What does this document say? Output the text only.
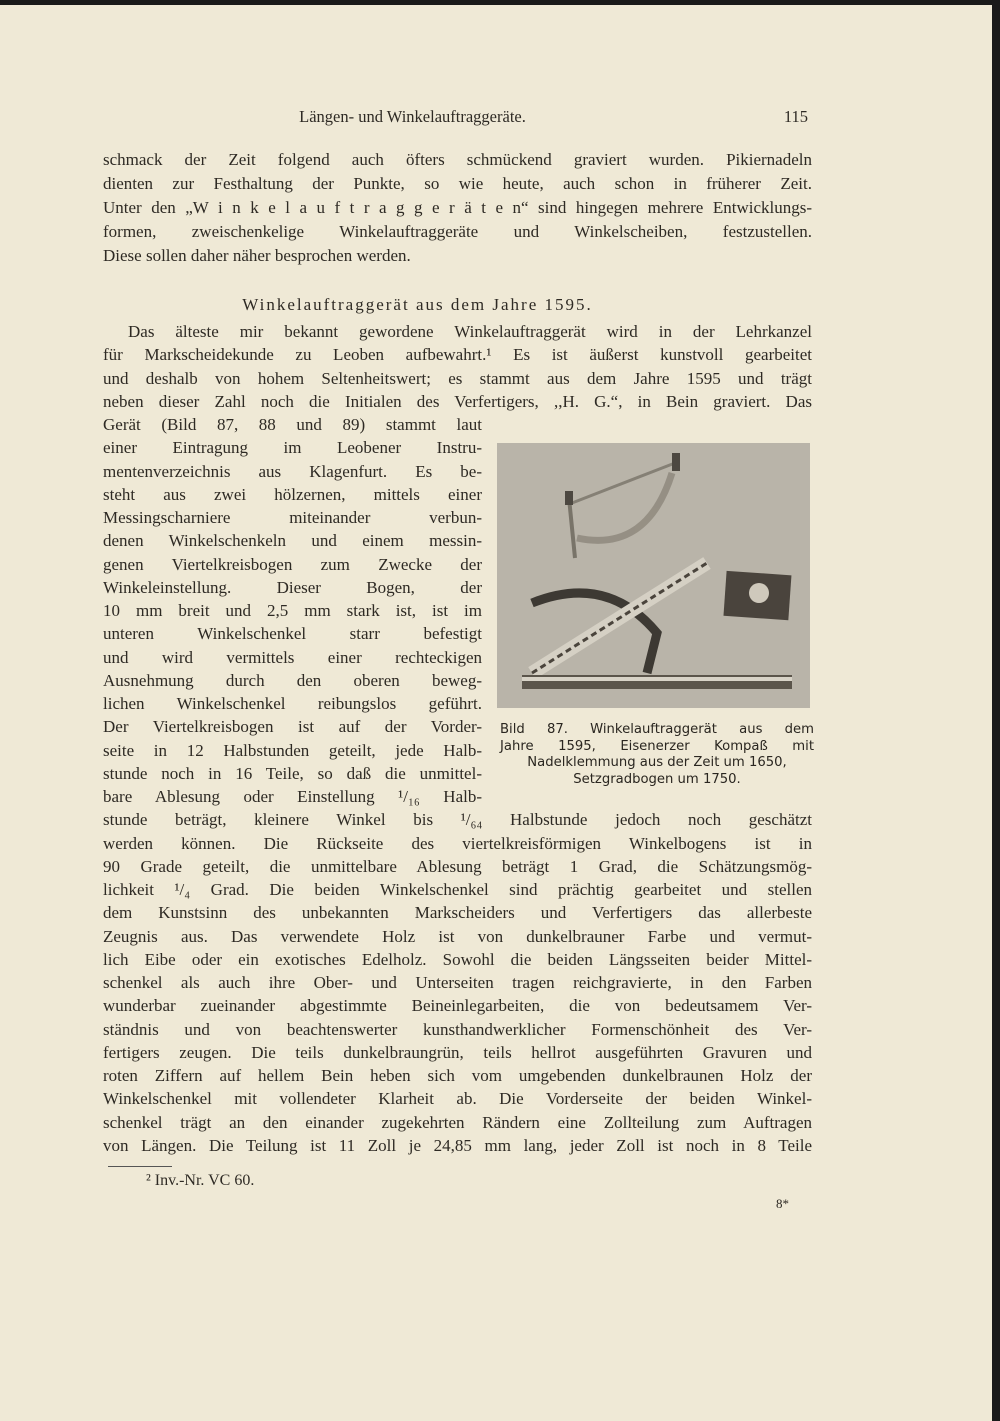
Längen- und Winkelauftraggeräte.	115
schmack der Zeit folgend auch öfters schmückend graviert wurden. Pikiernadeln
dienten zur Festhaltung der Punkte, so wie heute, auch schon in früherer Zeit.
Unter den „W i n k e l a u f t r a g g e r ä t e n“ sind hingegen mehrere Entwicklungs-
formen, zweischenkelige Winkelauftraggeräte und Winkelscheiben, festzustellen.
Diese sollen daher näher besprochen werden.
Winkelauftraggerät aus dem Jahre 1595.
Das älteste mir bekannt gewordene Winkelauftraggerät wird in der Lehrkanzel
für Markscheidekunde zu Leoben aufbewahrt.¹ Es ist äußerst kunstvoll gearbeitet
und deshalb von hohem Seltenheitswert; es stammt aus dem Jahre 1595 und trägt
neben dieser Zahl noch die Initialen des Verfertigers, ,,H. G.“, in Bein graviert. Das
Gerät (Bild 87, 88 und 89) stammt laut
einer Eintragung im Leobener Instru-
mentenverzeichnis aus Klagenfurt. Es be-
steht aus zwei hölzernen, mittels einer
Messingscharniere miteinander verbun-
denen Winkelschenkeln und einem messin-
genen Viertelkreisbogen zum Zwecke der
Winkeleinstellung. Dieser Bogen, der
10 mm breit und 2,5 mm stark ist, ist im
unteren Winkelschenkel starr befestigt
und wird vermittels einer rechteckigen
Ausnehmung durch den oberen beweg-
lichen Winkelschenkel reibungslos geführt.
Der Viertelkreisbogen ist auf der Vorder-
seite in 12 Halbstunden geteilt, jede Halb-
stunde noch in 16 Teile, so daß die unmittel-
bare Ablesung oder Einstellung ¹/₁₆ Halb-
stunde beträgt, kleinere Winkel bis ¹/₆₄ Halbstunde jedoch noch geschätzt
werden können. Die Rückseite des viertelkreisförmigen Winkelbogens ist in
90 Grade geteilt, die unmittelbare Ablesung beträgt 1 Grad, die Schätzungsmög-
lichkeit ¹/₄ Grad. Die beiden Winkelschenkel sind prächtig gearbeitet und stellen
dem Kunstsinn des unbekannten Markscheiders und Verfertigers das allerbeste
Zeugnis aus. Das verwendete Holz ist von dunkelbrauner Farbe und vermut-
lich Eibe oder ein exotisches Edelholz. Sowohl die beiden Längsseiten beider Mittel-
schenkel als auch ihre Ober- und Unterseiten tragen reichgravierte, in den Farben
wunderbar zueinander abgestimmte Beineinlegarbeiten, die von bedeutsamem Ver-
ständnis und von beachtenswerter kunsthandwerklicher Formenschönheit des Ver-
fertigers zeugen. Die teils dunkelbraungrün, teils hellrot ausgeführten Gravuren und
roten Ziffern auf hellem Bein heben sich vom umgebenden dunkelbraunen Holz der
Winkelschenkel mit vollendeter Klarheit ab. Die Vorderseite der beiden Winkel-
schenkel trägt an den einander zugekehrten Rändern eine Zollteilung zum Auftragen
von Längen. Die Teilung ist 11 Zoll je 24,85 mm lang, jeder Zoll ist noch in 8 Teile
Bild 87. Winkelauftraggerät aus dem
Jahre 1595, Eisenerzer Kompaß mit
Nadelklemmung aus der Zeit um 1650,
Setzgradbogen um 1750.
² Inv.-Nr. VC 60.
8*
